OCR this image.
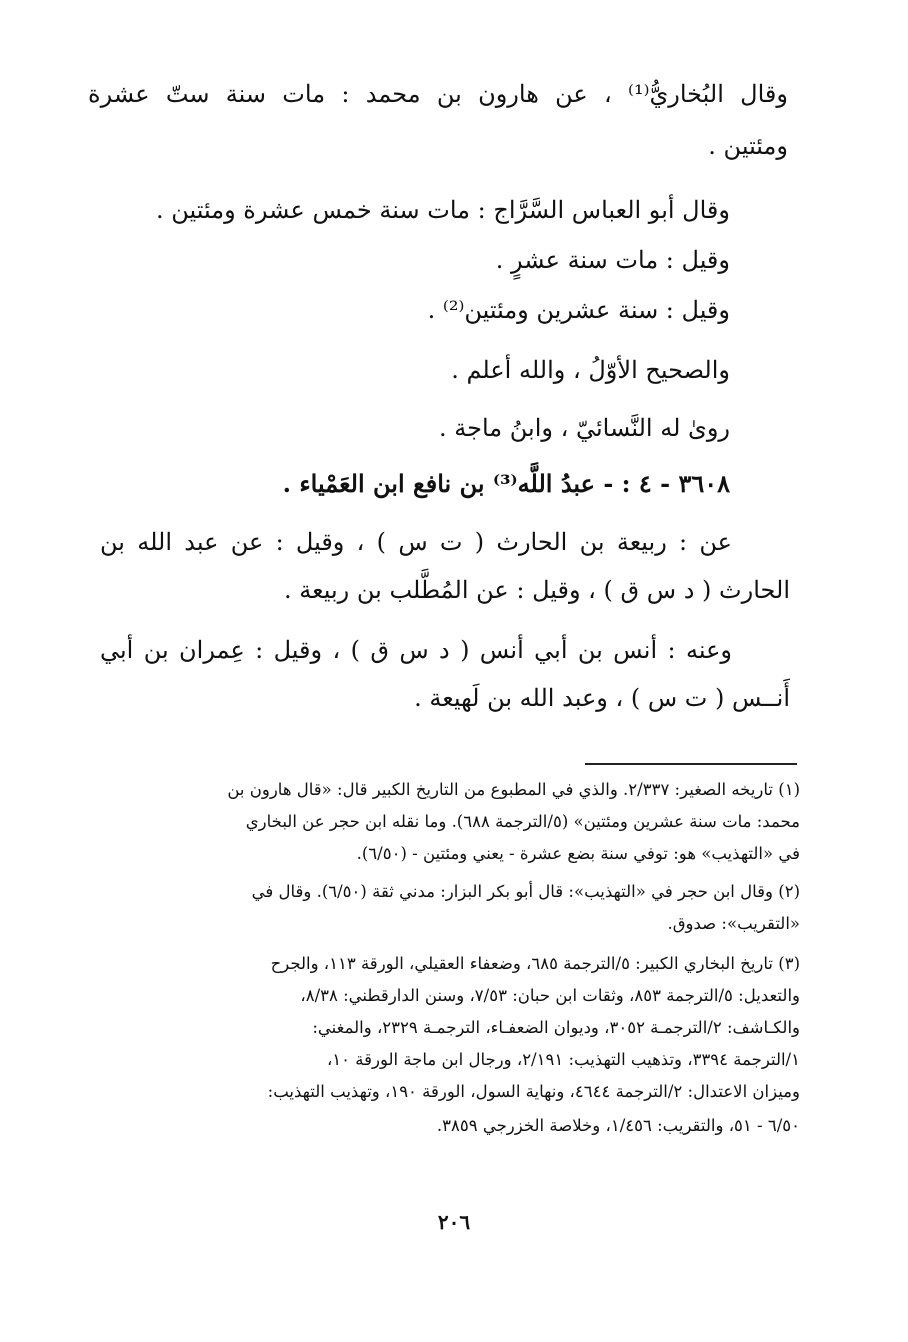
وقال البُخاريُّ⁽¹⁾ ، عن هارون بن محمد : مات سنة ستّ عشرة
ومئتين .
وقال أبو العباس السَّرَّاج : مات سنة خمس عشرة ومئتين .
وقيل : مات سنة عشرٍ .
وقيل : سنة عشرين ومئتين⁽²⁾ .
والصحيح الأوّلُ ، والله أعلم .
روىٰ له النَّسائيّ ، وابنُ ماجة .
٣٦٠٨ - ٤ : - عبدُ اللَّه⁽³⁾ بن نافع ابن العَمْياء .
عن : ربيعة بن الحارث ( ت س ) ، وقيل : عن عبد الله بن
الحارث ( د س ق ) ، وقيل : عن المُطَّلب بن ربيعة .
وعنه : أنس بن أبي أنس ( د س ق ) ، وقيل : عِمران بن أبي
أَنــس ( ت س ) ، وعبد الله بن لَهيعة .
(١) تاريخه الصغير: ٢/٣٣٧. والذي في المطبوع من التاريخ الكبير قال: «قال هارون بن
محمد: مات سنة عشرين ومئتين» (٥/الترجمة ٦٨٨). وما نقله ابن حجر عن البخاري
في «التهذيب» هو: توفي سنة بضع عشرة - يعني ومئتين - (٦/٥٠).
(٢) وقال ابن حجر في «التهذيب»: قال أبو بكر البزار: مدني ثقة (٦/٥٠). وقال في
«التقريب»: صدوق.
(٣) تاريخ البخاري الكبير: ٥/الترجمة ٦٨٥، وضعفاء العقيلي، الورقة ١١٣، والجرح
والتعديل: ٥/الترجمة ٨٥٣، وثقات ابن حبان: ٧/٥٣، وسنن الدارقطني: ٨/٣٨،
والكـاشف: ٢/الترجمـة ٣٠٥٢، وديوان الضعفـاء، الترجمـة ٢٣٢٩، والمغني:
١/الترجمة ٣٣٩٤، وتذهيب التهذيب: ٢/١٩١، ورجال ابن ماجة الورقة ١٠،
وميزان الاعتدال: ٢/الترجمة ٤٦٤٤، ونهاية السول، الورقة ١٩٠، وتهذيب التهذيب:
٦/٥٠ - ٥١، والتقريب: ١/٤٥٦، وخلاصة الخزرجي ٣٨٥٩.
٢٠٦
